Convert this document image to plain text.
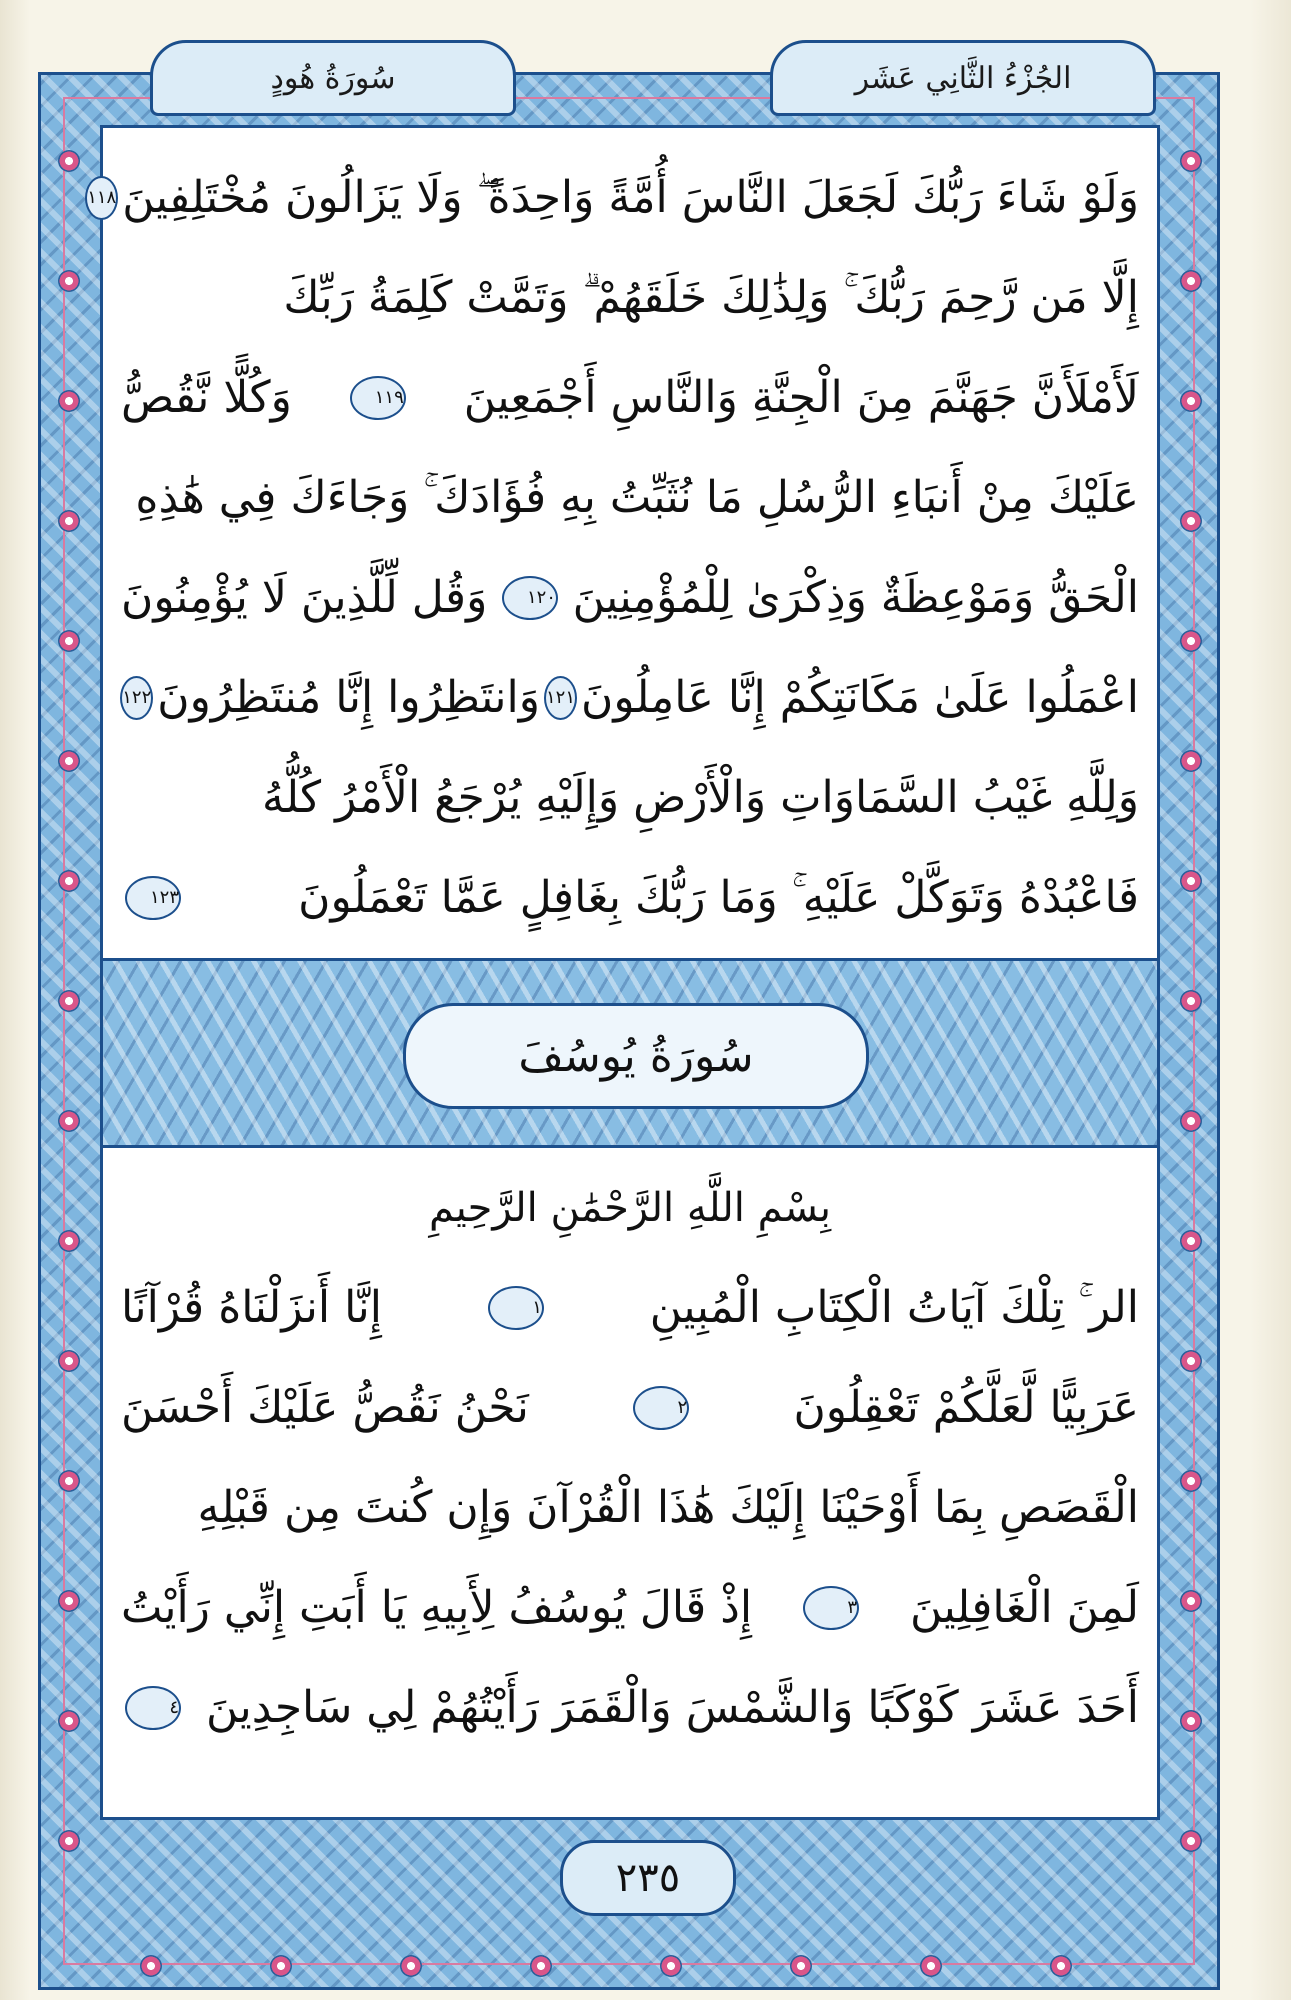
سُورَةُ هُودٍ	الجُزْءُ الثَّانِي عَشَر
وَلَوْ شَاءَ رَبُّكَ لَجَعَلَ النَّاسَ أُمَّةً وَاحِدَةً ۖ وَلَا يَزَالُونَ مُخْتَلِفِينَ
١١٨
إِلَّا مَن رَّحِمَ رَبُّكَ ۚ وَلِذَٰلِكَ خَلَقَهُمْ ۗ وَتَمَّتْ كَلِمَةُ رَبِّكَ
لَأَمْلَأَنَّ جَهَنَّمَ مِنَ الْجِنَّةِ وَالنَّاسِ أَجْمَعِينَ
١١٩
وَكُلًّا نَّقُصُّ
عَلَيْكَ مِنْ أَنبَاءِ الرُّسُلِ مَا نُثَبِّتُ بِهِ فُؤَادَكَ ۚ وَجَاءَكَ فِي هَٰذِهِ
الْحَقُّ وَمَوْعِظَةٌ وَذِكْرَىٰ لِلْمُؤْمِنِينَ
١٢٠
وَقُل لِّلَّذِينَ لَا يُؤْمِنُونَ
اعْمَلُوا عَلَىٰ مَكَانَتِكُمْ إِنَّا عَامِلُونَ
١٢١
وَانتَظِرُوا إِنَّا مُنتَظِرُونَ
١٢٢
وَلِلَّهِ غَيْبُ السَّمَاوَاتِ وَالْأَرْضِ وَإِلَيْهِ يُرْجَعُ الْأَمْرُ كُلُّهُ
فَاعْبُدْهُ وَتَوَكَّلْ عَلَيْهِ ۚ وَمَا رَبُّكَ بِغَافِلٍ عَمَّا تَعْمَلُونَ
١٢٣
سُورَةُ يُوسُفَ
بِسْمِ اللَّهِ الرَّحْمَٰنِ الرَّحِيمِ
الر ۚ تِلْكَ آيَاتُ الْكِتَابِ الْمُبِينِ
١
إِنَّا أَنزَلْنَاهُ قُرْآنًا
عَرَبِيًّا لَّعَلَّكُمْ تَعْقِلُونَ
٢
نَحْنُ نَقُصُّ عَلَيْكَ أَحْسَنَ
الْقَصَصِ بِمَا أَوْحَيْنَا إِلَيْكَ هَٰذَا الْقُرْآنَ وَإِن كُنتَ مِن قَبْلِهِ
لَمِنَ الْغَافِلِينَ
٣
إِذْ قَالَ يُوسُفُ لِأَبِيهِ يَا أَبَتِ إِنِّي رَأَيْتُ
أَحَدَ عَشَرَ كَوْكَبًا وَالشَّمْسَ وَالْقَمَرَ رَأَيْتُهُمْ لِي سَاجِدِينَ
٤
٢٣٥
